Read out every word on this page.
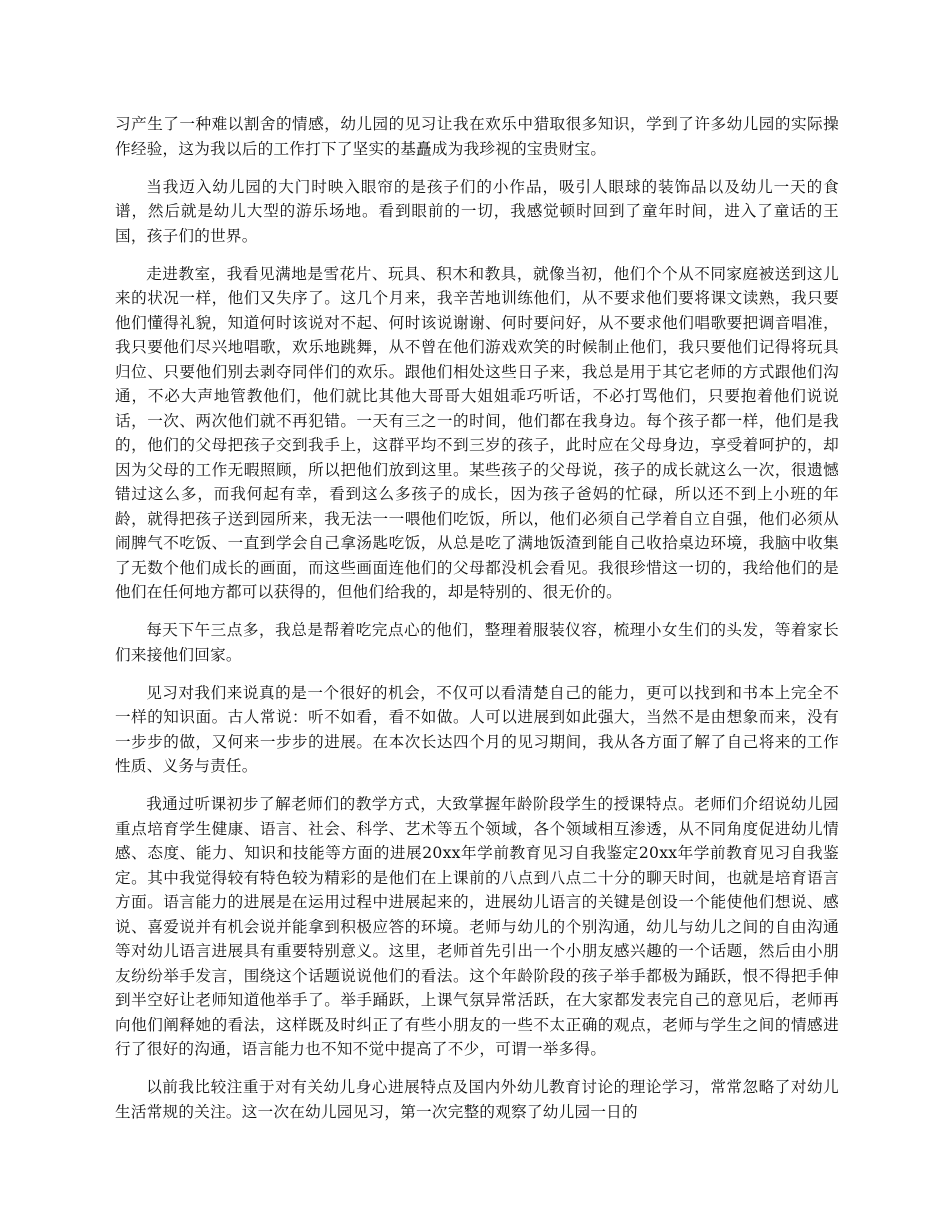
习产生了一种难以割舍的情感，幼儿园的见习让我在欢乐中猎取很多知识，学到了许多幼儿园的实际操作经验，这为我以后的工作打下了坚实的基矗成为我珍视的宝贵财宝。

当我迈入幼儿园的大门时映入眼帘的是孩子们的小作品，吸引人眼球的装饰品以及幼儿一天的食谱，然后就是幼儿大型的游乐场地。看到眼前的一切，我感觉顿时回到了童年时间，进入了童话的王国，孩子们的世界。

走进教室，我看见满地是雪花片、玩具、积木和教具，就像当初，他们个个从不同家庭被送到这儿来的状况一样，他们又失序了。这几个月来，我辛苦地训练他们，从不要求他们要将课文读熟，我只要他们懂得礼貌，知道何时该说对不起、何时该说谢谢、何时要问好，从不要求他们唱歌要把调音唱准，我只要他们尽兴地唱歌，欢乐地跳舞，从不曾在他们游戏欢笑的时候制止他们，我只要他们记得将玩具归位、只要他们别去剥夺同伴们的欢乐。跟他们相处这些日子来，我总是用于其它老师的方式跟他们沟通，不必大声地管教他们，他们就比其他大哥哥大姐姐乖巧听话，不必打骂他们，只要抱着他们说说话，一次、两次他们就不再犯错。一天有三之一的时间，他们都在我身边。每个孩子都一样，他们是我的，他们的父母把孩子交到我手上，这群平均不到三岁的孩子，此时应在父母身边，享受着呵护的，却因为父母的工作无暇照顾，所以把他们放到这里。某些孩子的父母说，孩子的成长就这么一次，很遗憾错过这么多，而我何起有幸，看到这么多孩子的成长，因为孩子爸妈的忙碌，所以还不到上小班的年龄，就得把孩子送到园所来，我无法一一喂他们吃饭，所以，他们必须自己学着自立自强，他们必须从闹脾气不吃饭、一直到学会自己拿汤匙吃饭，从总是吃了满地饭渣到能自己收拾桌边环境，我脑中收集了无数个他们成长的画面，而这些画面连他们的父母都没机会看见。我很珍惜这一切的，我给他们的是他们在任何地方都可以获得的，但他们给我的，却是特别的、很无价的。

每天下午三点多，我总是帮着吃完点心的他们，整理着服装仪容，梳理小女生们的头发，等着家长们来接他们回家。

见习对我们来说真的是一个很好的机会，不仅可以看清楚自己的能力，更可以找到和书本上完全不一样的知识面。古人常说：听不如看，看不如做。人可以进展到如此强大，当然不是由想象而来，没有一步步的做，又何来一步步的进展。在本次长达四个月的见习期间，我从各方面了解了自己将来的工作性质、义务与责任。

我通过听课初步了解老师们的教学方式，大致掌握年龄阶段学生的授课特点。老师们介绍说幼儿园重点培育学生健康、语言、社会、科学、艺术等五个领域，各个领域相互渗透，从不同角度促进幼儿情感、态度、能力、知识和技能等方面的进展20xx年学前教育见习自我鉴定20xx年学前教育见习自我鉴定。其中我觉得较有特色较为精彩的是他们在上课前的八点到八点二十分的聊天时间，也就是培育语言方面。语言能力的进展是在运用过程中进展起来的，进展幼儿语言的关键是创设一个能使他们想说、感说、喜爱说并有机会说并能拿到积极应答的环境。老师与幼儿的个别沟通，幼儿与幼儿之间的自由沟通等对幼儿语言进展具有重要特别意义。这里，老师首先引出一个小朋友感兴趣的一个话题，然后由小朋友纷纷举手发言，围绕这个话题说说他们的看法。这个年龄阶段的孩子举手都极为踊跃，恨不得把手伸到半空好让老师知道他举手了。举手踊跃，上课气氛异常活跃，在大家都发表完自己的意见后，老师再向他们阐释她的看法，这样既及时纠正了有些小朋友的一些不太正确的观点，老师与学生之间的情感进行了很好的沟通，语言能力也不知不觉中提高了不少，可谓一举多得。

以前我比较注重于对有关幼儿身心进展特点及国内外幼儿教育讨论的理论学习，常常忽略了对幼儿生活常规的关注。这一次在幼儿园见习，第一次完整的观察了幼儿园一日的
